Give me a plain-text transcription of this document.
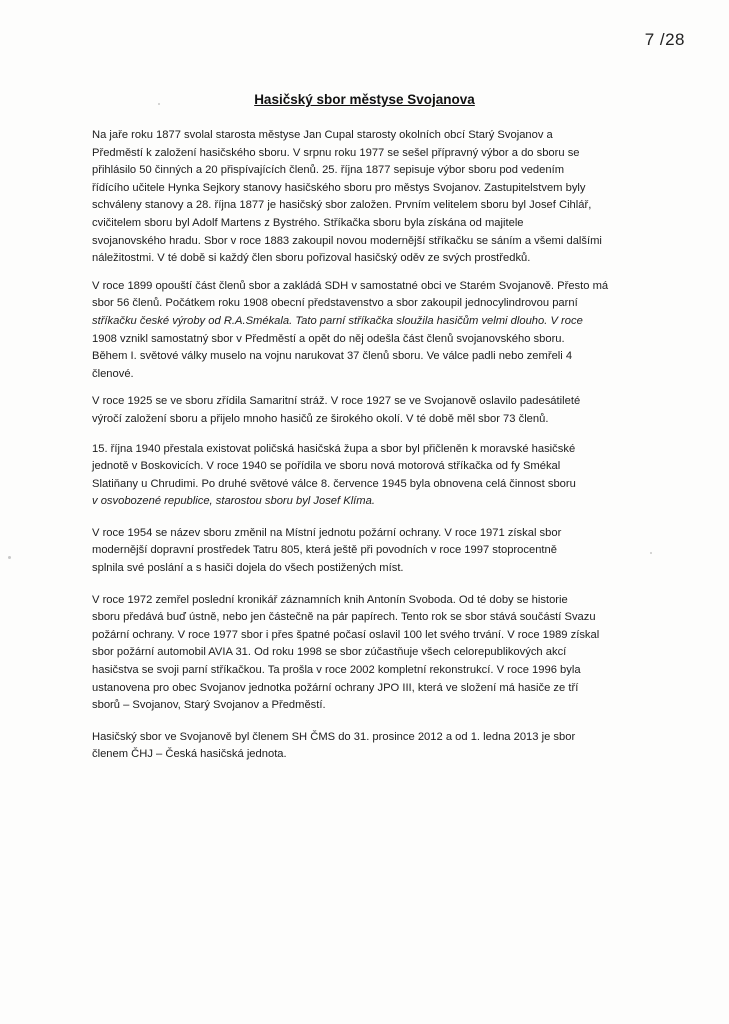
7 /28
Hasičský sbor městyse Svojanova

Na jaře roku 1877 svolal starosta městyse Jan Cupal starosty okolních obcí Starý Svojanov a
Předměstí k založení hasičského sboru. V srpnu roku 1977 se sešel přípravný výbor a do sboru se
přihlásilo 50 činných a 20 přispívajících členů. 25. října 1877 sepisuje výbor sboru pod vedením
řídícího učitele Hynka Sejkory stanovy hasičského sboru pro městys Svojanov. Zastupitelstvem byly
schváleny stanovy a 28. října 1877 je hasičský sbor založen. Prvním velitelem sboru byl Josef Cihlář,
cvičitelem sboru byl Adolf Martens z Bystrého. Stříkačka sboru byla získána od majitele
svojanovského hradu. Sbor v roce 1883 zakoupil novou modernější stříkačku se sáním a všemi dalšími
náležitostmi. V té době si každý člen sboru pořizoval hasičský oděv ze svých prostředků.

V roce 1899 opouští část členů sbor a zakládá SDH v samostatné obci ve Starém Svojanově. Přesto má
sbor 56 členů. Počátkem roku 1908 obecní představenstvo a sbor zakoupil jednocylindrovou parní
stříkačku české výroby od R.A.Smékala. Tato parní stříkačka sloužila hasičům velmi dlouho. V roce
1908 vznikl samostatný sbor v Předměstí a opět do něj odešla část členů svojanovského sboru.
Během I. světové války muselo na vojnu narukovat 37 členů sboru. Ve válce padli nebo zemřeli 4
členové.

V roce 1925 se ve sboru zřídila Samaritní stráž. V roce 1927 se ve Svojanově oslavilo padesátileté
výročí založení sboru a přijelo mnoho hasičů ze širokého okolí. V té době měl sbor 73 členů.

15. října 1940 přestala existovat poličská hasičská župa a sbor byl přičleněn k moravské hasičské
jednotě v Boskovicích. V roce 1940 se pořídila ve sboru nová motorová stříkačka od fy Smékal
Slatiňany u Chrudimi. Po druhé světové válce 8. července 1945 byla obnovena celá činnost sboru
v osvobozené republice, starostou sboru byl Josef Klíma.

V roce 1954 se název sboru změnil na Místní jednotu požární ochrany. V roce 1971 získal sbor
modernější dopravní prostředek Tatru 805, která ještě při povodních v roce 1997 stoprocentně
splnila své poslání a s hasiči dojela do všech postižených míst.

V roce 1972 zemřel poslední kronikář záznamních knih Antonín Svoboda. Od té doby se historie
sboru předává buď ústně, nebo jen částečně na pár papírech. Tento rok se sbor stává součástí Svazu
požární ochrany. V roce 1977 sbor i přes špatné počasí oslavil 100 let svého trvání. V roce 1989 získal
sbor požární automobil AVIA 31. Od roku 1998 se sbor zúčastňuje všech celorepublikových akcí
hasičstva se svoji parní stříkačkou. Ta prošla v roce 2002 kompletní rekonstrukcí. V roce 1996 byla
ustanovena pro obec Svojanov jednotka požární ochrany JPO III, která ve složení má hasiče ze tří
sborů – Svojanov, Starý Svojanov a Předměstí.

Hasičský sbor ve Svojanově byl členem SH ČMS do 31. prosince 2012 a od 1. ledna 2013 je sbor
členem ČHJ – Česká hasičská jednota.
